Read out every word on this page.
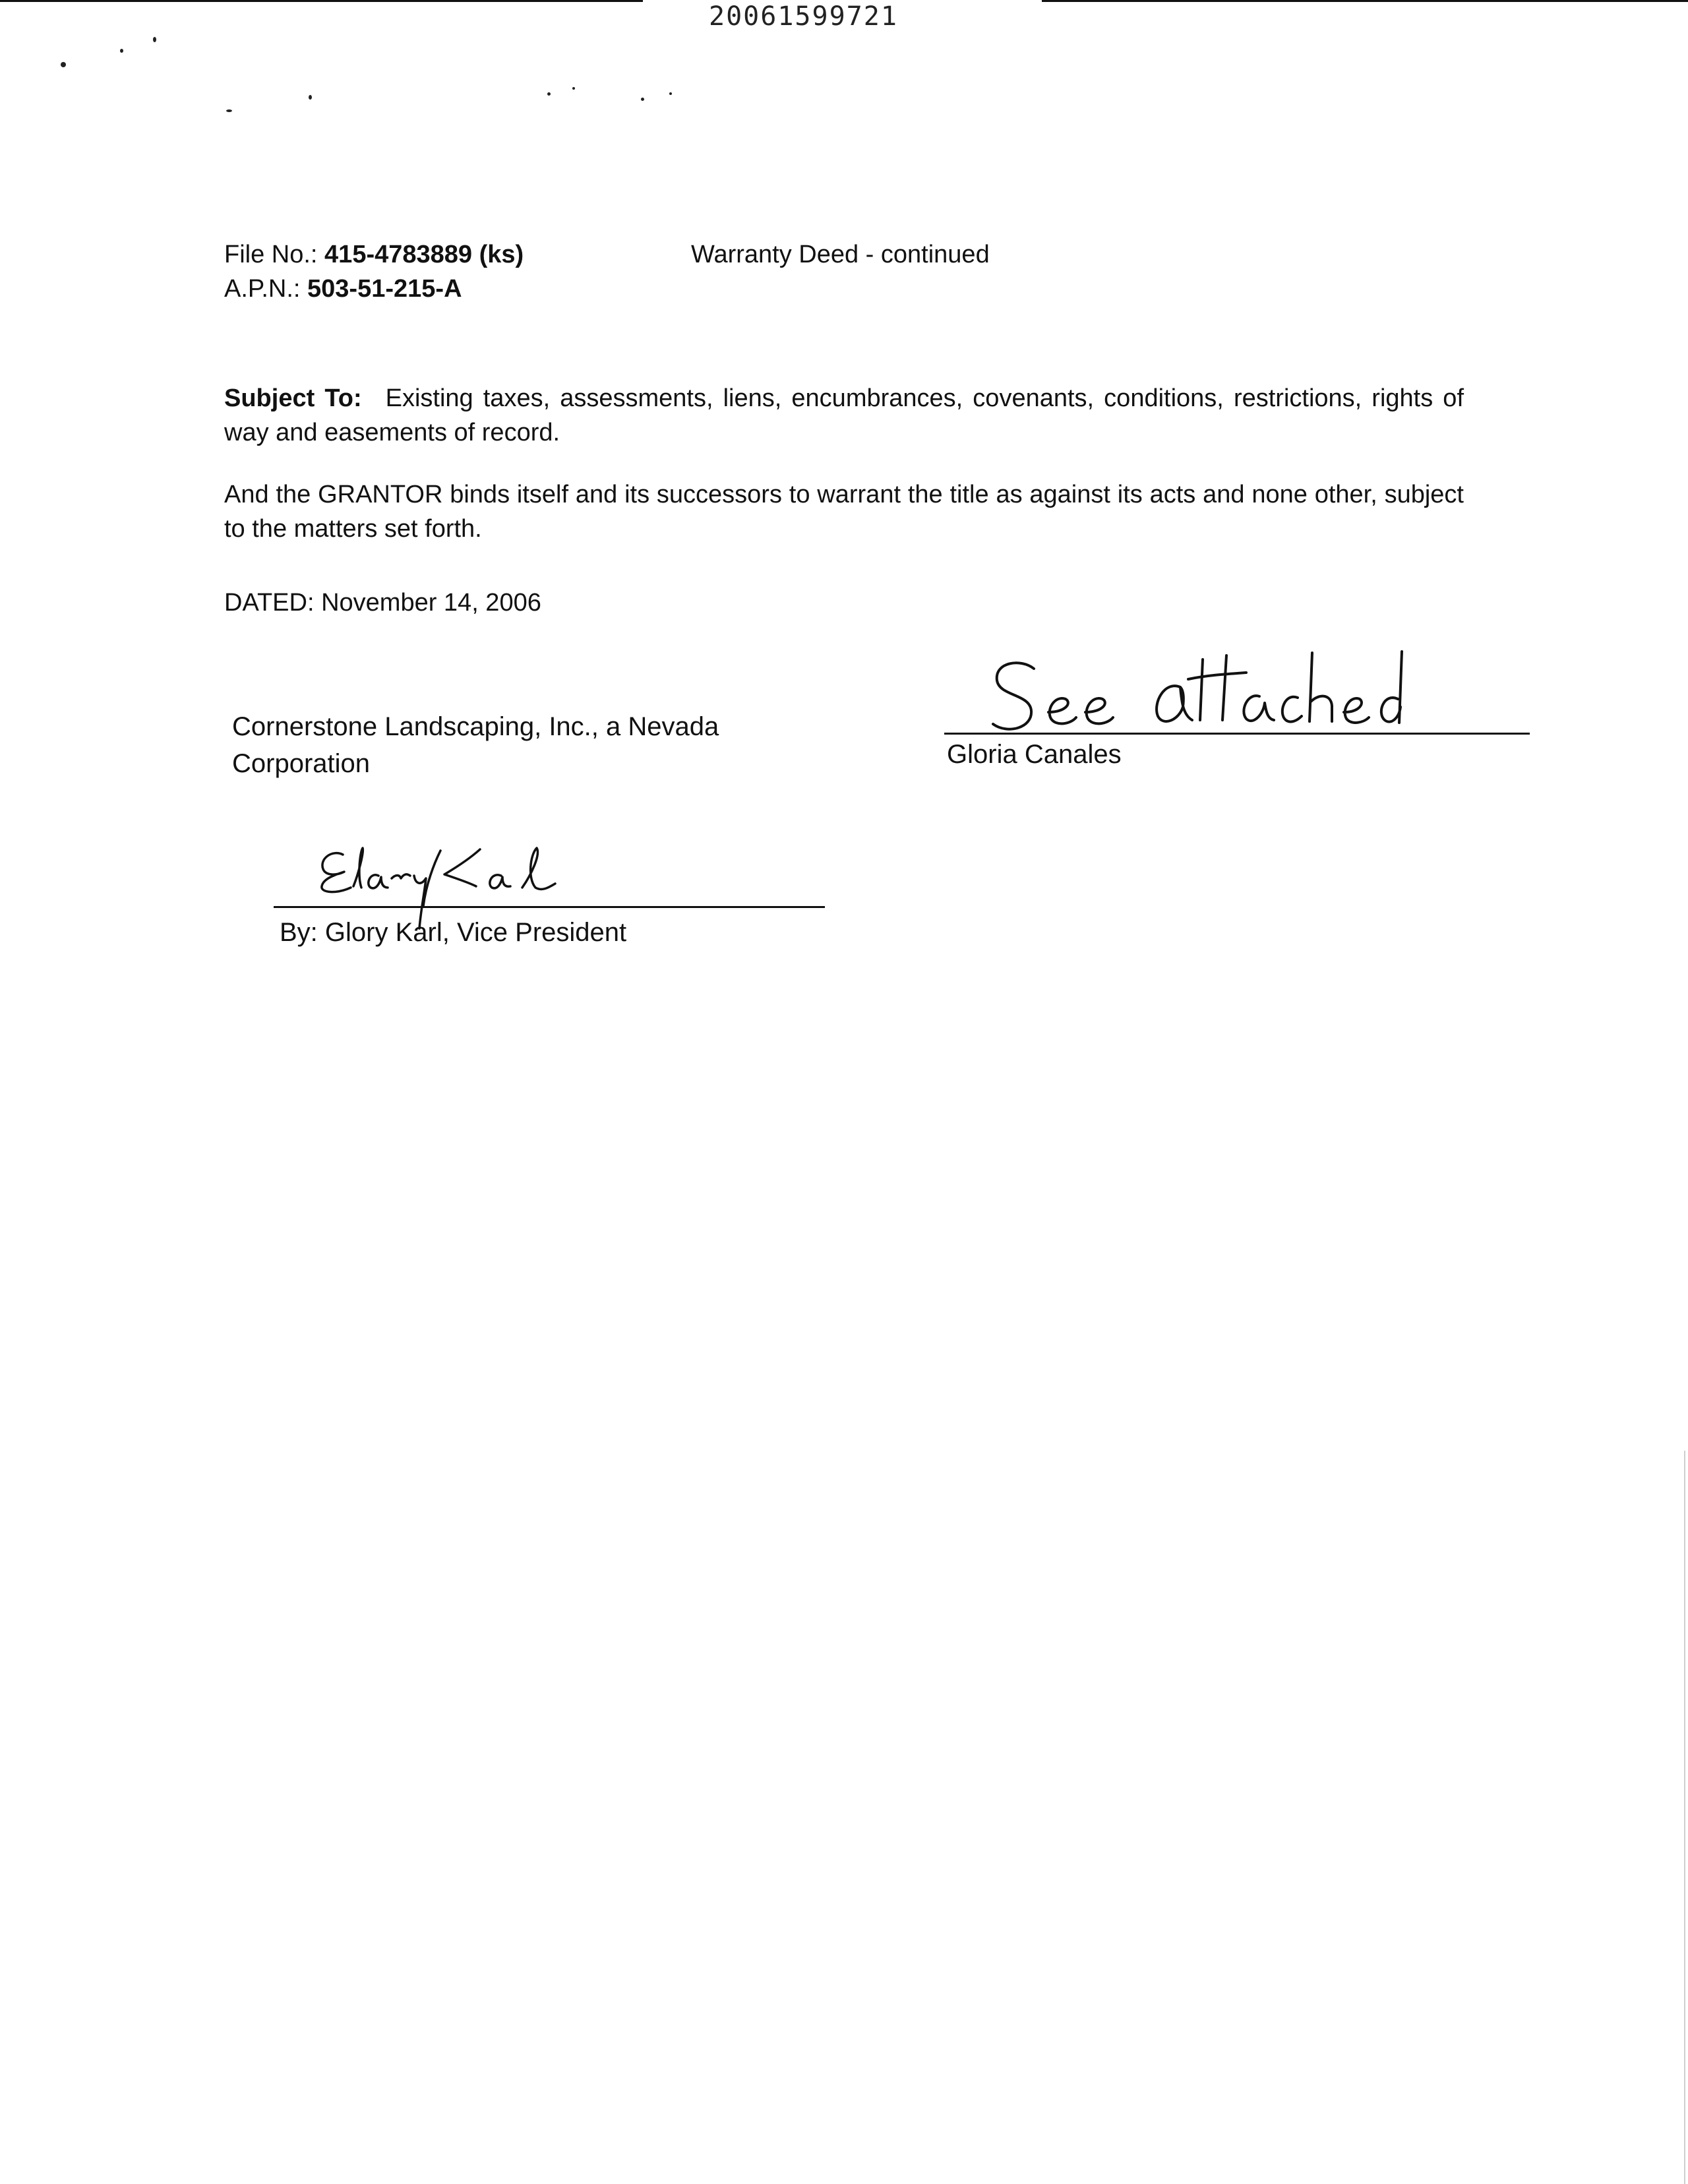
20061599721
File No.: 415-4783889 (ks)
A.P.N.: 503-51-215-A
Warranty Deed - continued
Subject To: Existing taxes, assessments, liens, encumbrances, covenants, conditions, restrictions, rights of way and easements of record.
And the GRANTOR binds itself and its successors to warrant the title as against its acts and none other, subject to the matters set forth.
DATED: November 14, 2006
Cornerstone Landscaping, Inc., a Nevada
Corporation	Gloria Canales
By: Glory Karl, Vice President
